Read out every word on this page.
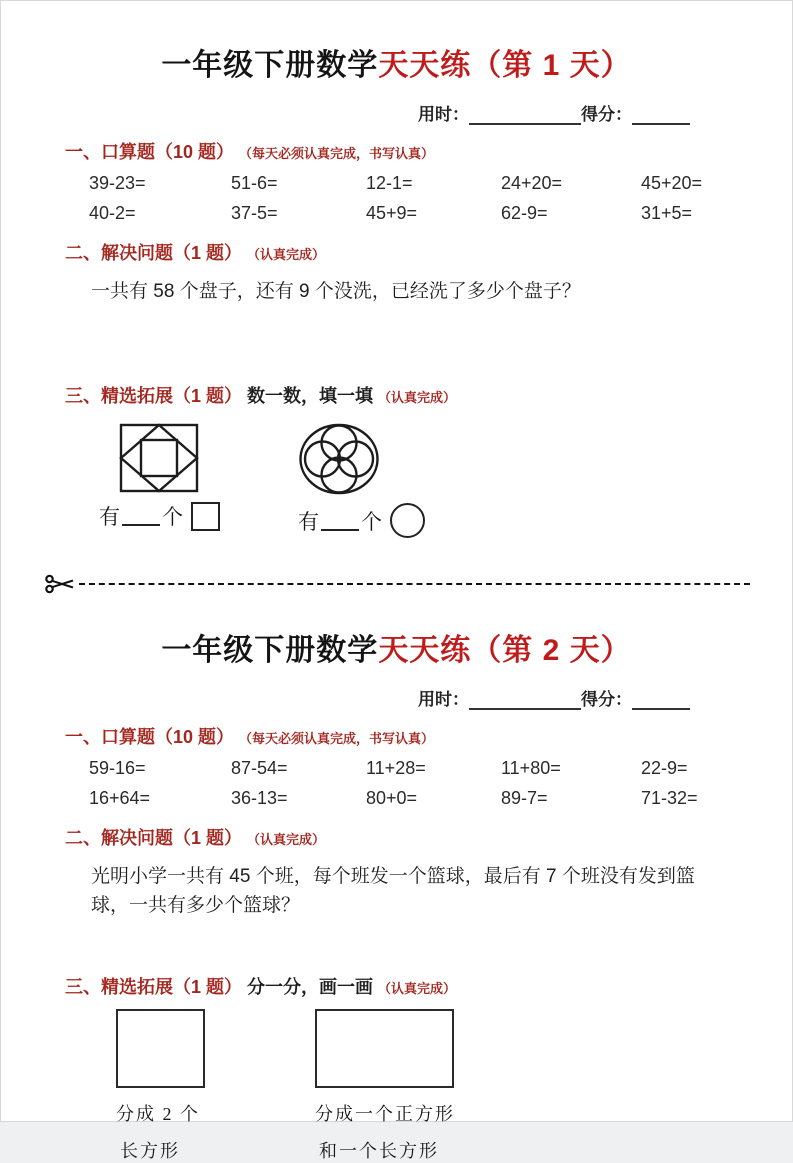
一年级下册数学天天练（第 1 天）
用时：	得分：
一、口算题（10 题） （每天必须认真完成，书写认真）
39-23=	51-6=	12-1=	24+20=	45+20=
40-2=	37-5=	45+9=	62-9=	31+5=
二、解决问题（1 题） （认真完成）
一共有 58 个盘子，还有 9 个没洗，已经洗了多少个盘子？
三、精选拓展（1 题） 数一数，填一填 （认真完成）
有 个	有 个
一年级下册数学天天练（第 2 天）
用时：	得分：
一、口算题（10 题） （每天必须认真完成，书写认真）
59-16=	87-54=	11+28=	11+80=	22-9=
16+64=	36-13=	80+0=	89-7=	71-32=
二、解决问题（1 题） （认真完成）
光明小学一共有 45 个班，每个班发一个篮球，最后有 7 个班没有发到篮球，一共有多少个篮球？
三、精选拓展（1 题） 分一分，画一画 （认真完成）
分成 2 个
长方形
分成一个正方形
和一个长方形
